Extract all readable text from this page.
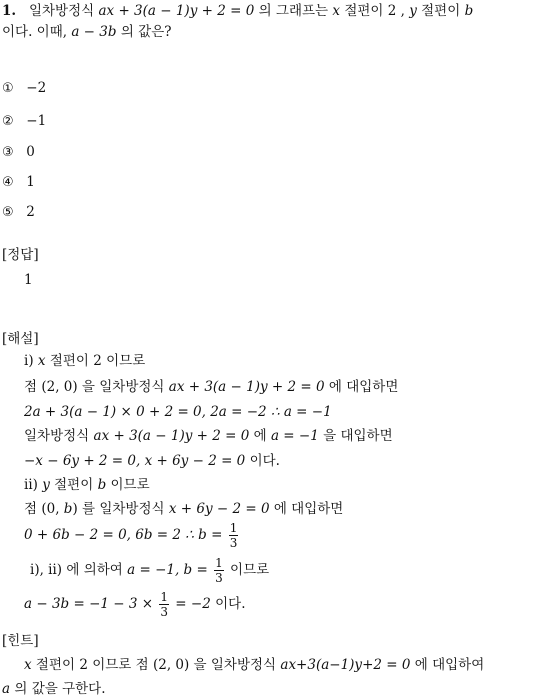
1. 일차방정식 ax + 3(a − 1)y + 2 = 0 의 그래프는 x 절편이 2 , y 절편이 b
이다. 이때, a − 3b 의 값은?
① −2
② −1
③ 0
④ 1
⑤ 2
[정답]
1
[해설]
ⅰ) x 절편이 2 이므로
점 (2, 0) 을 일차방정식 ax + 3(a − 1)y + 2 = 0 에 대입하면
2a + 3(a − 1) × 0 + 2 = 0, 2a = −2 ∴ a = −1
일차방정식 ax + 3(a − 1)y + 2 = 0 에 a = −1 을 대입하면
−x − 6y + 2 = 0, x + 6y − 2 = 0 이다.
ⅱ) y 절편이 b 이므로
점 (0, b) 를 일차방정식 x + 6y − 2 = 0 에 대입하면
0 + 6b − 2 = 0, 6b = 2 ∴ $b = \frac{1}{3}$
ⅰ), ⅱ) 에 의하여 a = −1, $b = \frac{1}{3}$ 이므로
$a - 3b = -1 - 3 \times \frac{1}{3} = -2$ 이다.
[힌트]
x 절편이 2 이므로 점 (2, 0) 을 일차방정식 ax+3(a−1)y+2 = 0 에 대입하여
a 의 값을 구한다.
